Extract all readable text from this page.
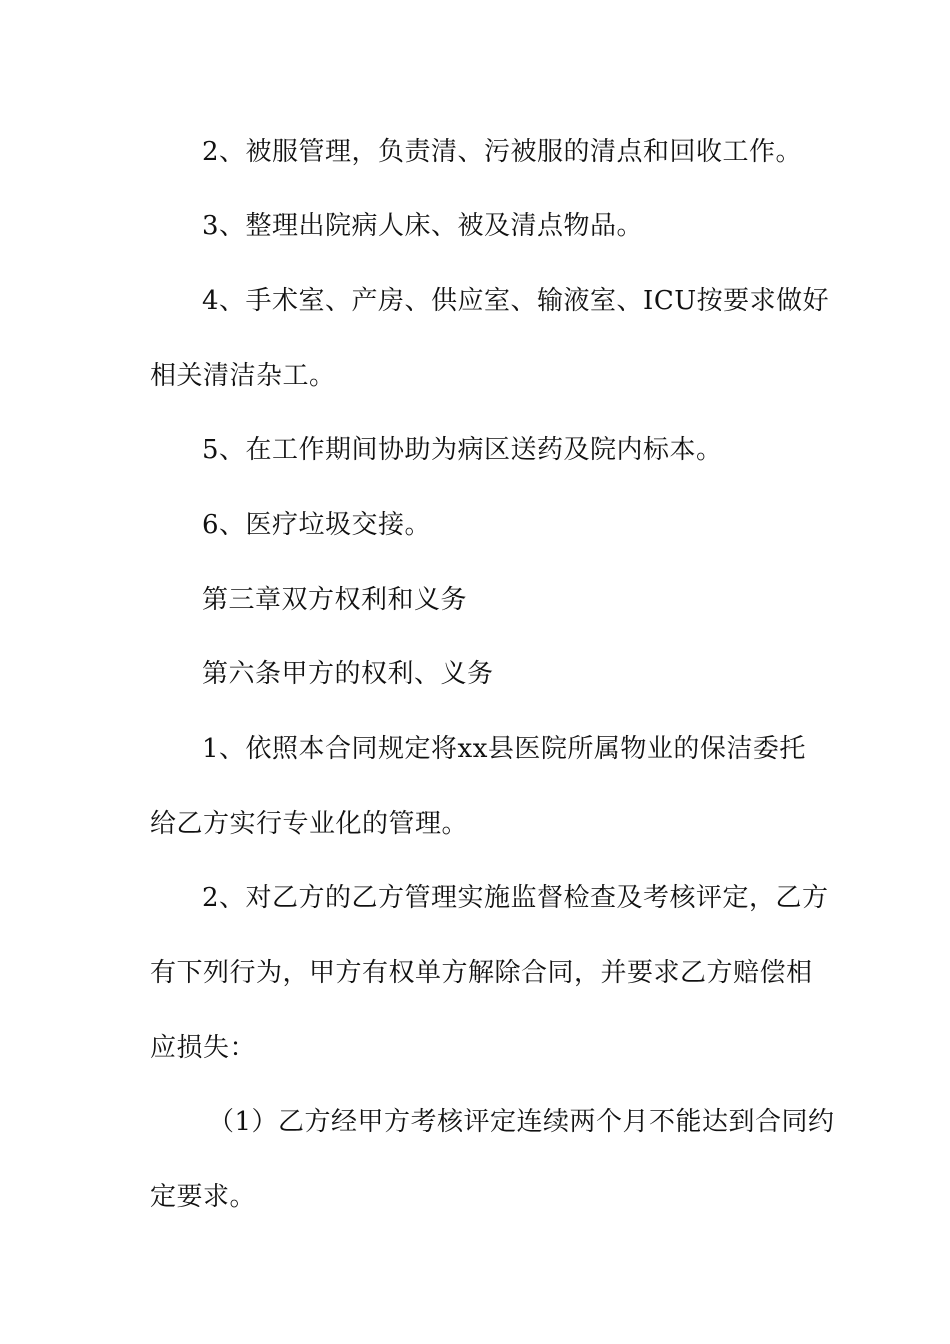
2、被服管理，负责清、污被服的清点和回收工作。
3、整理出院病人床、被及清点物品。
4、手术室、产房、供应室、输液室、ICU按要求做好
相关清洁杂工。
5、在工作期间协助为病区送药及院内标本。
6、医疗垃圾交接。
第三章双方权利和义务
第六条甲方的权利、义务
1、依照本合同规定将xx县医院所属物业的保洁委托
给乙方实行专业化的管理。
2、对乙方的乙方管理实施监督检查及考核评定，乙方
有下列行为，甲方有权单方解除合同，并要求乙方赔偿相
应损失：
（1）乙方经甲方考核评定连续两个月不能达到合同约
定要求。
